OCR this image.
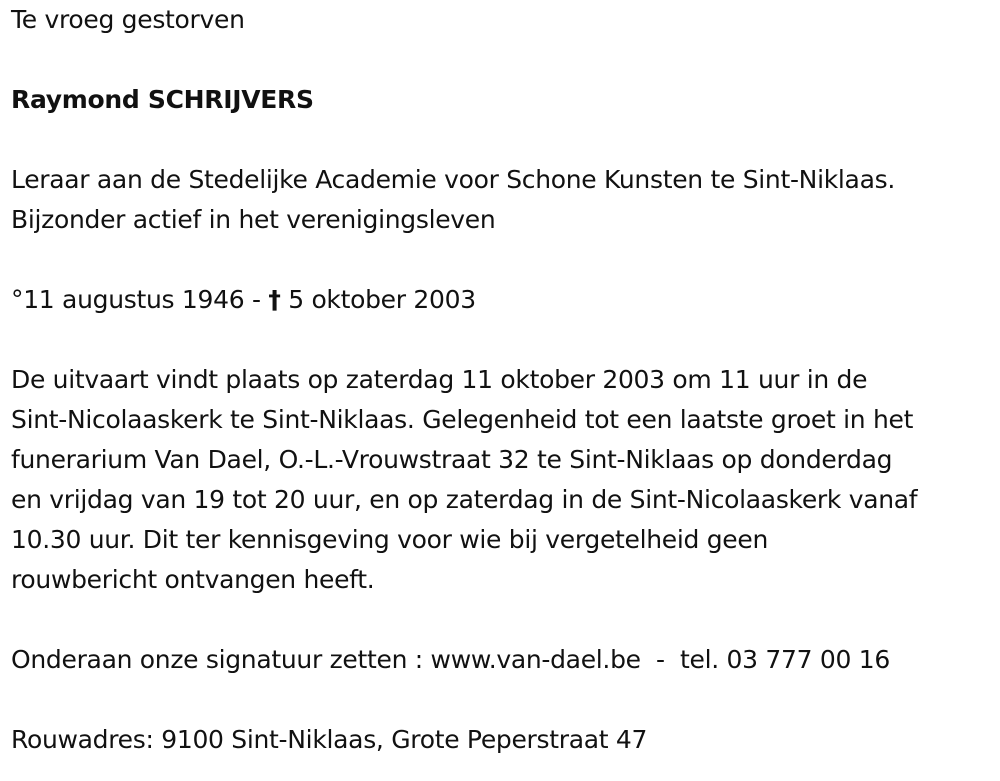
Te vroeg gestorven
Raymond SCHRIJVERS
Leraar aan de Stedelijke Academie voor Schone Kunsten te Sint-Niklaas.
Bijzonder actief in het verenigingsleven
°11 augustus 1946 - † 5 oktober 2003
De uitvaart vindt plaats op zaterdag 11 oktober 2003 om 11 uur in de
Sint-Nicolaaskerk te Sint-Niklaas. Gelegenheid tot een laatste groet in het
funerarium Van Dael, O.-L.-Vrouwstraat 32 te Sint-Niklaas op donderdag
en vrijdag van 19 tot 20 uur, en op zaterdag in de Sint-Nicolaaskerk vanaf
10.30 uur. Dit ter kennisgeving voor wie bij vergetelheid geen
rouwbericht ontvangen heeft.
Onderaan onze signatuur zetten : www.van-dael.be  -  tel. 03 777 00 16
Rouwadres: 9100 Sint-Niklaas, Grote Peperstraat 47
